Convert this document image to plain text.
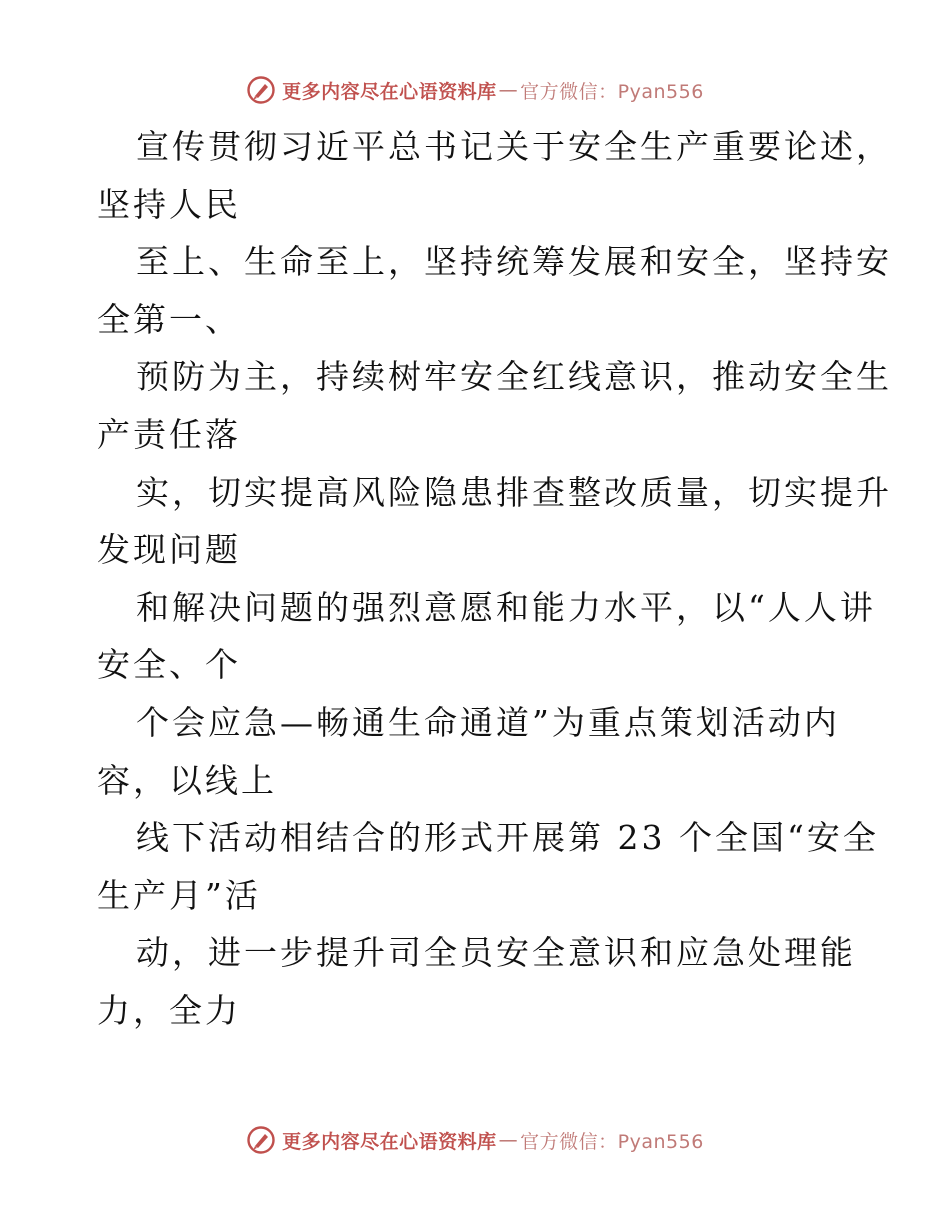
更多内容尽在心语资料库 — 官方微信：Pyan556
宣传贯彻习近平总书记关于安全生产重要论述，
坚持人民
至上、生命至上，坚持统筹发展和安全，坚持安
全第一、
预防为主，持续树牢安全红线意识，推动安全生
产责任落
实，切实提高风险隐患排查整改质量，切实提升
发现问题
和解决问题的强烈意愿和能力水平，以“人人讲
安全、个
个会应急—畅通生命通道”为重点策划活动内
容，以线上
线下活动相结合的形式开展第 23 个全国“安全
生产月”活
动，进一步提升司全员安全意识和应急处理能
力，全力
更多内容尽在心语资料库 — 官方微信：Pyan556
